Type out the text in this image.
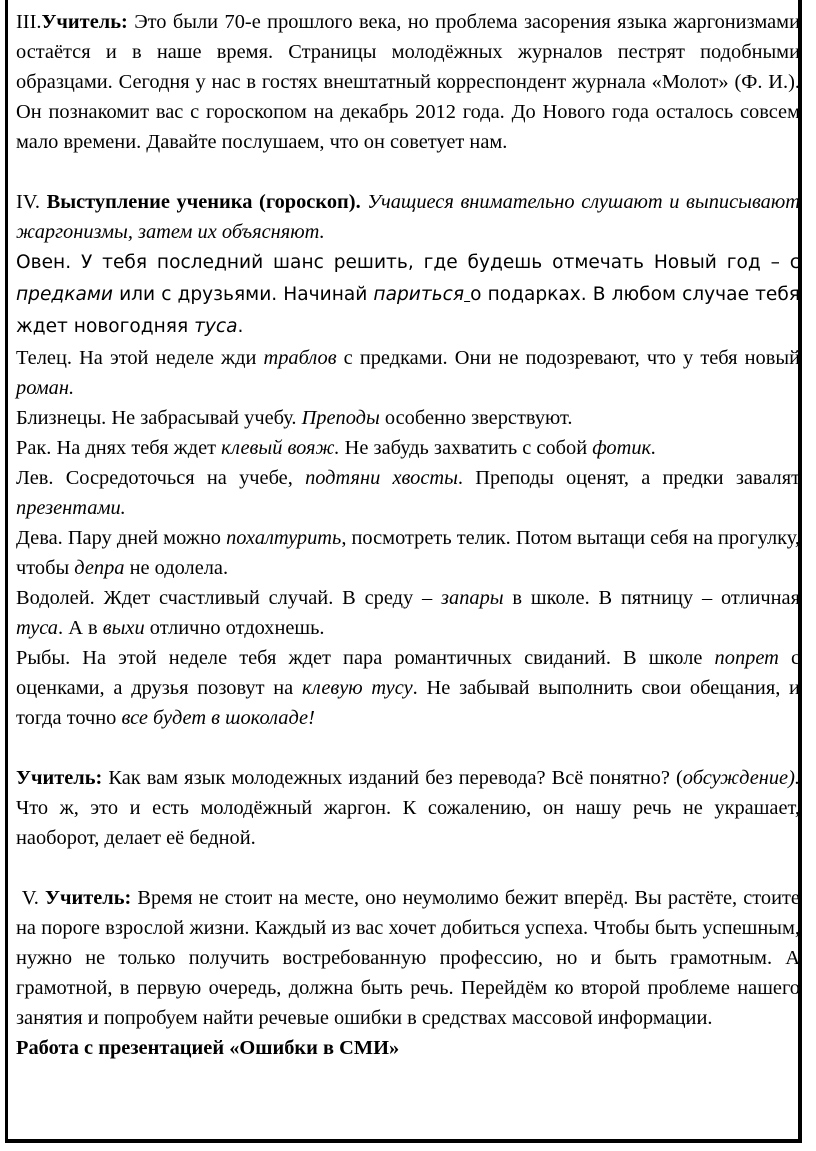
III.Учитель: Это были 70-е прошлого века, но проблема засорения языка жаргонизмами остаётся и в наше время. Страницы молодёжных журналов пестрят подобными образцами. Сегодня у нас в гостях внештатный корреспондент журнала «Молот» (Ф. И.). Он познакомит вас с гороскопом на декабрь 2012 года. До Нового года осталось совсем мало времени. Давайте послушаем, что он советует нам.

IV. Выступление ученика (гороскоп). Учащиеся внимательно слушают и выписывают жаргонизмы, затем их объясняют.

Овен. У тебя последний шанс решить, где будешь отмечать Новый год – с предками или с друзьями. Начинай париться о подарках. В любом случае тебя ждет новогодняя туса.

Телец. На этой неделе жди траблов с предками. Они не подозревают, что у тебя новый роман.

Близнецы. Не забрасывай учебу. Преподы особенно зверствуют.

Рак. На днях тебя ждет клевый вояж. Не забудь захватить с собой фотик.

Лев. Сосредоточься на учебе, подтяни хвосты. Преподы оценят, а предки завалят презентами.

Дева. Пару дней можно похалтурить, посмотреть телик. Потом вытащи себя на прогулку, чтобы депра не одолела.

Водолей. Ждет счастливый случай. В среду – запары в школе. В пятницу – отличная туса. А в выхи отлично отдохнешь.

Рыбы. На этой неделе тебя ждет пара романтичных свиданий. В школе попрет с оценками, а друзья позовут на клевую тусу. Не забывай выполнить свои обещания, и тогда точно все будет в шоколаде!

Учитель: Как вам язык молодежных изданий без перевода? Всё понятно? (обсуждение). Что ж, это и есть молодёжный жаргон. К сожалению, он нашу речь не украшает, наоборот, делает её бедной.

V. Учитель: Время не стоит на месте, оно неумолимо бежит вперёд. Вы растёте, стоите на пороге взрослой жизни. Каждый из вас хочет добиться успеха. Чтобы быть успешным, нужно не только получить востребованную профессию, но и быть грамотным. А грамотной, в первую очередь, должна быть речь. Перейдём ко второй проблеме нашего занятия и попробуем найти речевые ошибки в средствах массовой информации.

Работа с презентацией «Ошибки в СМИ»
